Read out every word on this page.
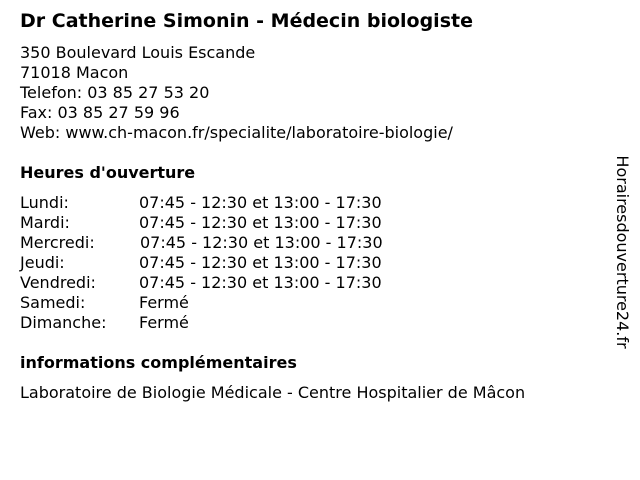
Dr Catherine Simonin - Médecin biologiste
350 Boulevard Louis Escande
71018 Macon
Telefon: 03 85 27 53 20
Fax: 03 85 27 59 96
Web: www.ch-macon.fr/specialite/laboratoire-biologie/
Heures d'ouverture
Lundi:	07:45 - 12:30 et 13:00 - 17:30
Mardi:	07:45 - 12:30 et 13:00 - 17:30
Mercredi:	07:45 - 12:30 et 13:00 - 17:30
Jeudi:	07:45 - 12:30 et 13:00 - 17:30
Vendredi:	07:45 - 12:30 et 13:00 - 17:30
Samedi:	Fermé
Dimanche: Fermé
informations complémentaires
Laboratoire de Biologie Médicale - Centre Hospitalier de Mâcon
Horairesdouverture24.fr
